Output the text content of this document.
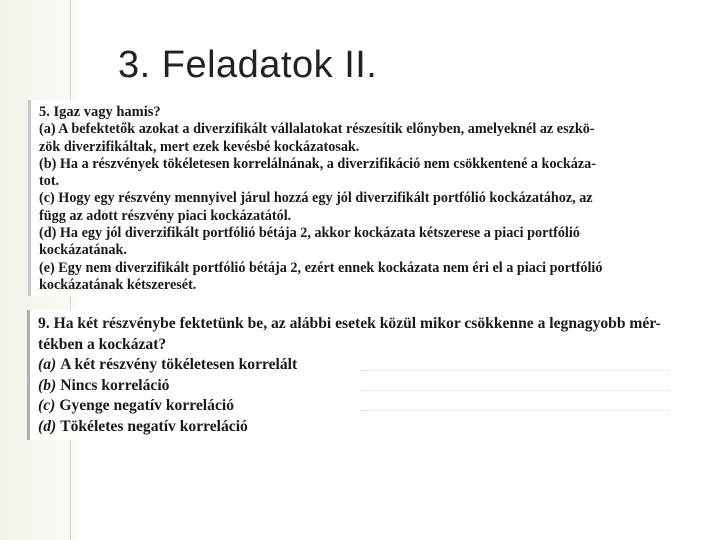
3. Feladatok II.
5. Igaz vagy hamis?
(a) A befektetők azokat a diverzifikált vállalatokat részesítik előnyben, amelyeknél az eszkö-
zök diverzifikáltak, mert ezek kevésbé kockázatosak.
(b) Ha a részvények tökéletesen korrelálnának, a diverzifikáció nem csökkentené a kockáza-
tot.
(c) Hogy egy részvény mennyivel járul hozzá egy jól diverzifikált portfólió kockázatához, az
függ az adott részvény piaci kockázatától.
(d) Ha egy jól diverzifikált portfólió bétája 2, akkor kockázata kétszerese a piaci portfólió
kockázatának.
(e) Egy nem diverzifikált portfólió bétája 2, ezért ennek kockázata nem éri el a piaci portfólió
kockázatának kétszeresét.
9. Ha két részvénybe fektetünk be, az alábbi esetek közül mikor csökkenne a legnagyobb mér-
tékben a kockázat?
(a) A két részvény tökéletesen korrelált
(b) Nincs korreláció
(c) Gyenge negatív korreláció
(d) Tökéletes negatív korreláció
